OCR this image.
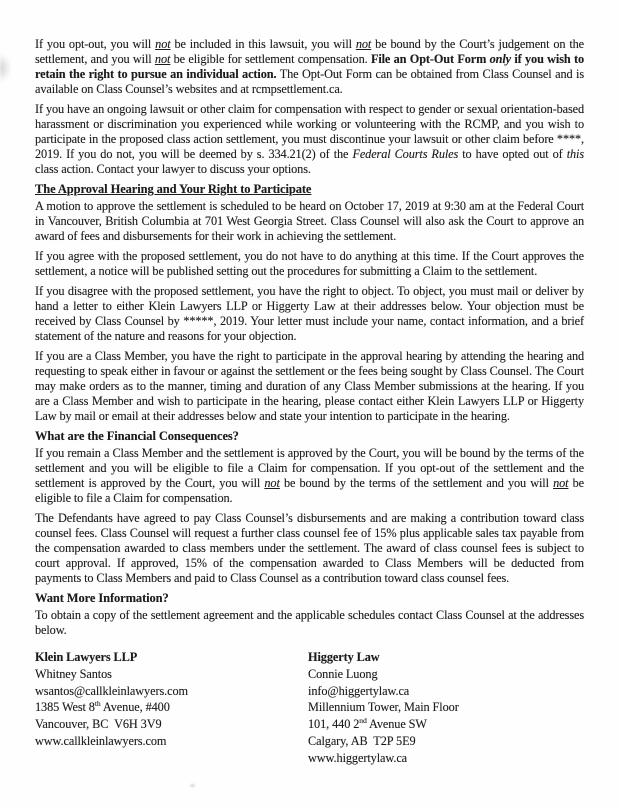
If you opt-out, you will not be included in this lawsuit, you will not be bound by the Court’s judgement on the settlement, and you will not be eligible for settlement compensation. File an Opt-Out Form only if you wish to retain the right to pursue an individual action. The Opt-Out Form can be obtained from Class Counsel and is available on Class Counsel’s websites and at rcmpsettlement.ca.

If you have an ongoing lawsuit or other claim for compensation with respect to gender or sexual orientation-based harassment or discrimination you experienced while working or volunteering with the RCMP, and you wish to participate in the proposed class action settlement, you must discontinue your lawsuit or other claim before ****, 2019. If you do not, you will be deemed by s. 334.21(2) of the Federal Courts Rules to have opted out of this class action. Contact your lawyer to discuss your options.

The Approval Hearing and Your Right to Participate

A motion to approve the settlement is scheduled to be heard on October 17, 2019 at 9:30 am at the Federal Court in Vancouver, British Columbia at 701 West Georgia Street. Class Counsel will also ask the Court to approve an award of fees and disbursements for their work in achieving the settlement.

If you agree with the proposed settlement, you do not have to do anything at this time. If the Court approves the settlement, a notice will be published setting out the procedures for submitting a Claim to the settlement.

If you disagree with the proposed settlement, you have the right to object. To object, you must mail or deliver by hand a letter to either Klein Lawyers LLP or Higgerty Law at their addresses below. Your objection must be received by Class Counsel by *****, 2019. Your letter must include your name, contact information, and a brief statement of the nature and reasons for your objection.

If you are a Class Member, you have the right to participate in the approval hearing by attending the hearing and requesting to speak either in favour or against the settlement or the fees being sought by Class Counsel. The Court may make orders as to the manner, timing and duration of any Class Member submissions at the hearing. If you are a Class Member and wish to participate in the hearing, please contact either Klein Lawyers LLP or Higgerty Law by mail or email at their addresses below and state your intention to participate in the hearing.

What are the Financial Consequences?

If you remain a Class Member and the settlement is approved by the Court, you will be bound by the terms of the settlement and you will be eligible to file a Claim for compensation. If you opt-out of the settlement and the settlement is approved by the Court, you will not be bound by the terms of the settlement and you will not be eligible to file a Claim for compensation.

The Defendants have agreed to pay Class Counsel’s disbursements and are making a contribution toward class counsel fees. Class Counsel will request a further class counsel fee of 15% plus applicable sales tax payable from the compensation awarded to class members under the settlement. The award of class counsel fees is subject to court approval. If approved, 15% of the compensation awarded to Class Members will be deducted from payments to Class Members and paid to Class Counsel as a contribution toward class counsel fees.

Want More Information?

To obtain a copy of the settlement agreement and the applicable schedules contact Class Counsel at the addresses below.

Klein Lawyers LLP
Whitney Santos
wsantos@callkleinlawyers.com
1385 West 8th Avenue, #400
Vancouver, BC  V6H 3V9
www.callkleinlawyers.com
Higgerty Law
Connie Luong
info@higgertylaw.ca
Millennium Tower, Main Floor
101, 440 2nd Avenue SW
Calgary, AB  T2P 5E9
www.higgertylaw.ca
